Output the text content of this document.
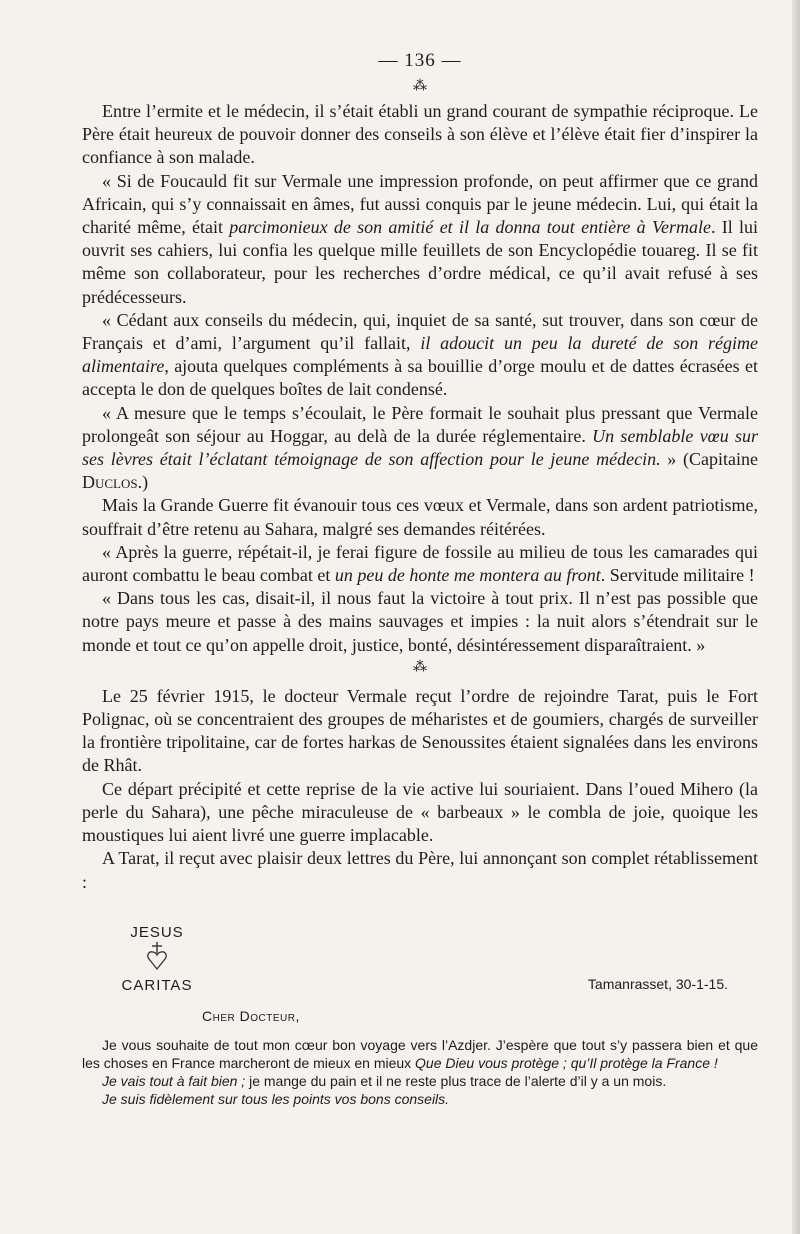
— 136 —
⁂

Entre l’ermite et le médecin, il s’était établi un grand courant de sympathie réciproque. Le Père était heureux de pouvoir donner des conseils à son élève et l’élève était fier d’inspirer la confiance à son malade.

« Si de Foucauld fit sur Vermale une impression profonde, on peut affirmer que ce grand Africain, qui s’y connaissait en âmes, fut aussi conquis par le jeune médecin. Lui, qui était la charité même, était parcimonieux de son amitié et il la donna tout entière à Vermale. Il lui ouvrit ses cahiers, lui confia les quelque mille feuillets de son Encyclopédie touareg. Il se fit même son collaborateur, pour les recherches d’ordre médical, ce qu’il avait refusé à ses prédécesseurs.

« Cédant aux conseils du médecin, qui, inquiet de sa santé, sut trouver, dans son cœur de Français et d’ami, l’argument qu’il fallait, il adoucit un peu la dureté de son régime alimentaire, ajouta quelques compléments à sa bouillie d’orge moulu et de dattes écrasées et accepta le don de quelques boîtes de lait condensé.

« A mesure que le temps s’écoulait, le Père formait le souhait plus pressant que Vermale prolongeât son séjour au Hoggar, au delà de la durée réglementaire. Un semblable vœu sur ses lèvres était l’éclatant témoignage de son affection pour le jeune médecin. » (Capitaine Duclos.)

Mais la Grande Guerre fit évanouir tous ces vœux et Vermale, dans son ardent patriotisme, souffrait d’être retenu au Sahara, malgré ses demandes réitérées.

« Après la guerre, répétait-il, je ferai figure de fossile au milieu de tous les camarades qui auront combattu le beau combat et un peu de honte me montera au front. Servitude militaire !

« Dans tous les cas, disait-il, il nous faut la victoire à tout prix. Il n’est pas possible que notre pays meure et passe à des mains sauvages et impies : la nuit alors s’étendrait sur le monde et tout ce qu’on appelle droit, justice, bonté, désintéressement disparaîtraient. »

⁂

Le 25 février 1915, le docteur Vermale reçut l’ordre de rejoindre Tarat, puis le Fort Polignac, où se concentraient des groupes de méharistes et de goumiers, chargés de surveiller la frontière tripolitaine, car de fortes harkas de Senoussites étaient signalées dans les environs de Rhât.

Ce départ précipité et cette reprise de la vie active lui souriaient. Dans l’oued Mihero (la perle du Sahara), une pêche miraculeuse de « barbeaux » le combla de joie, quoique les moustiques lui aient livré une guerre implacable.

A Tarat, il reçut avec plaisir deux lettres du Père, lui annonçant son complet rétablissement :

JESUS
CARITAS	Tamanrasset, 30-1-15.
Cher Docteur,

Je vous souhaite de tout mon cœur bon voyage vers l’Azdjer. J’espère que tout s’y passera bien et que les choses en France marcheront de mieux en mieux Que Dieu vous protège ; qu’Il protège la France !

Je vais tout à fait bien ; je mange du pain et il ne reste plus trace de l’alerte d’il y a un mois.

Je suis fidèlement sur tous les points vos bons conseils.
